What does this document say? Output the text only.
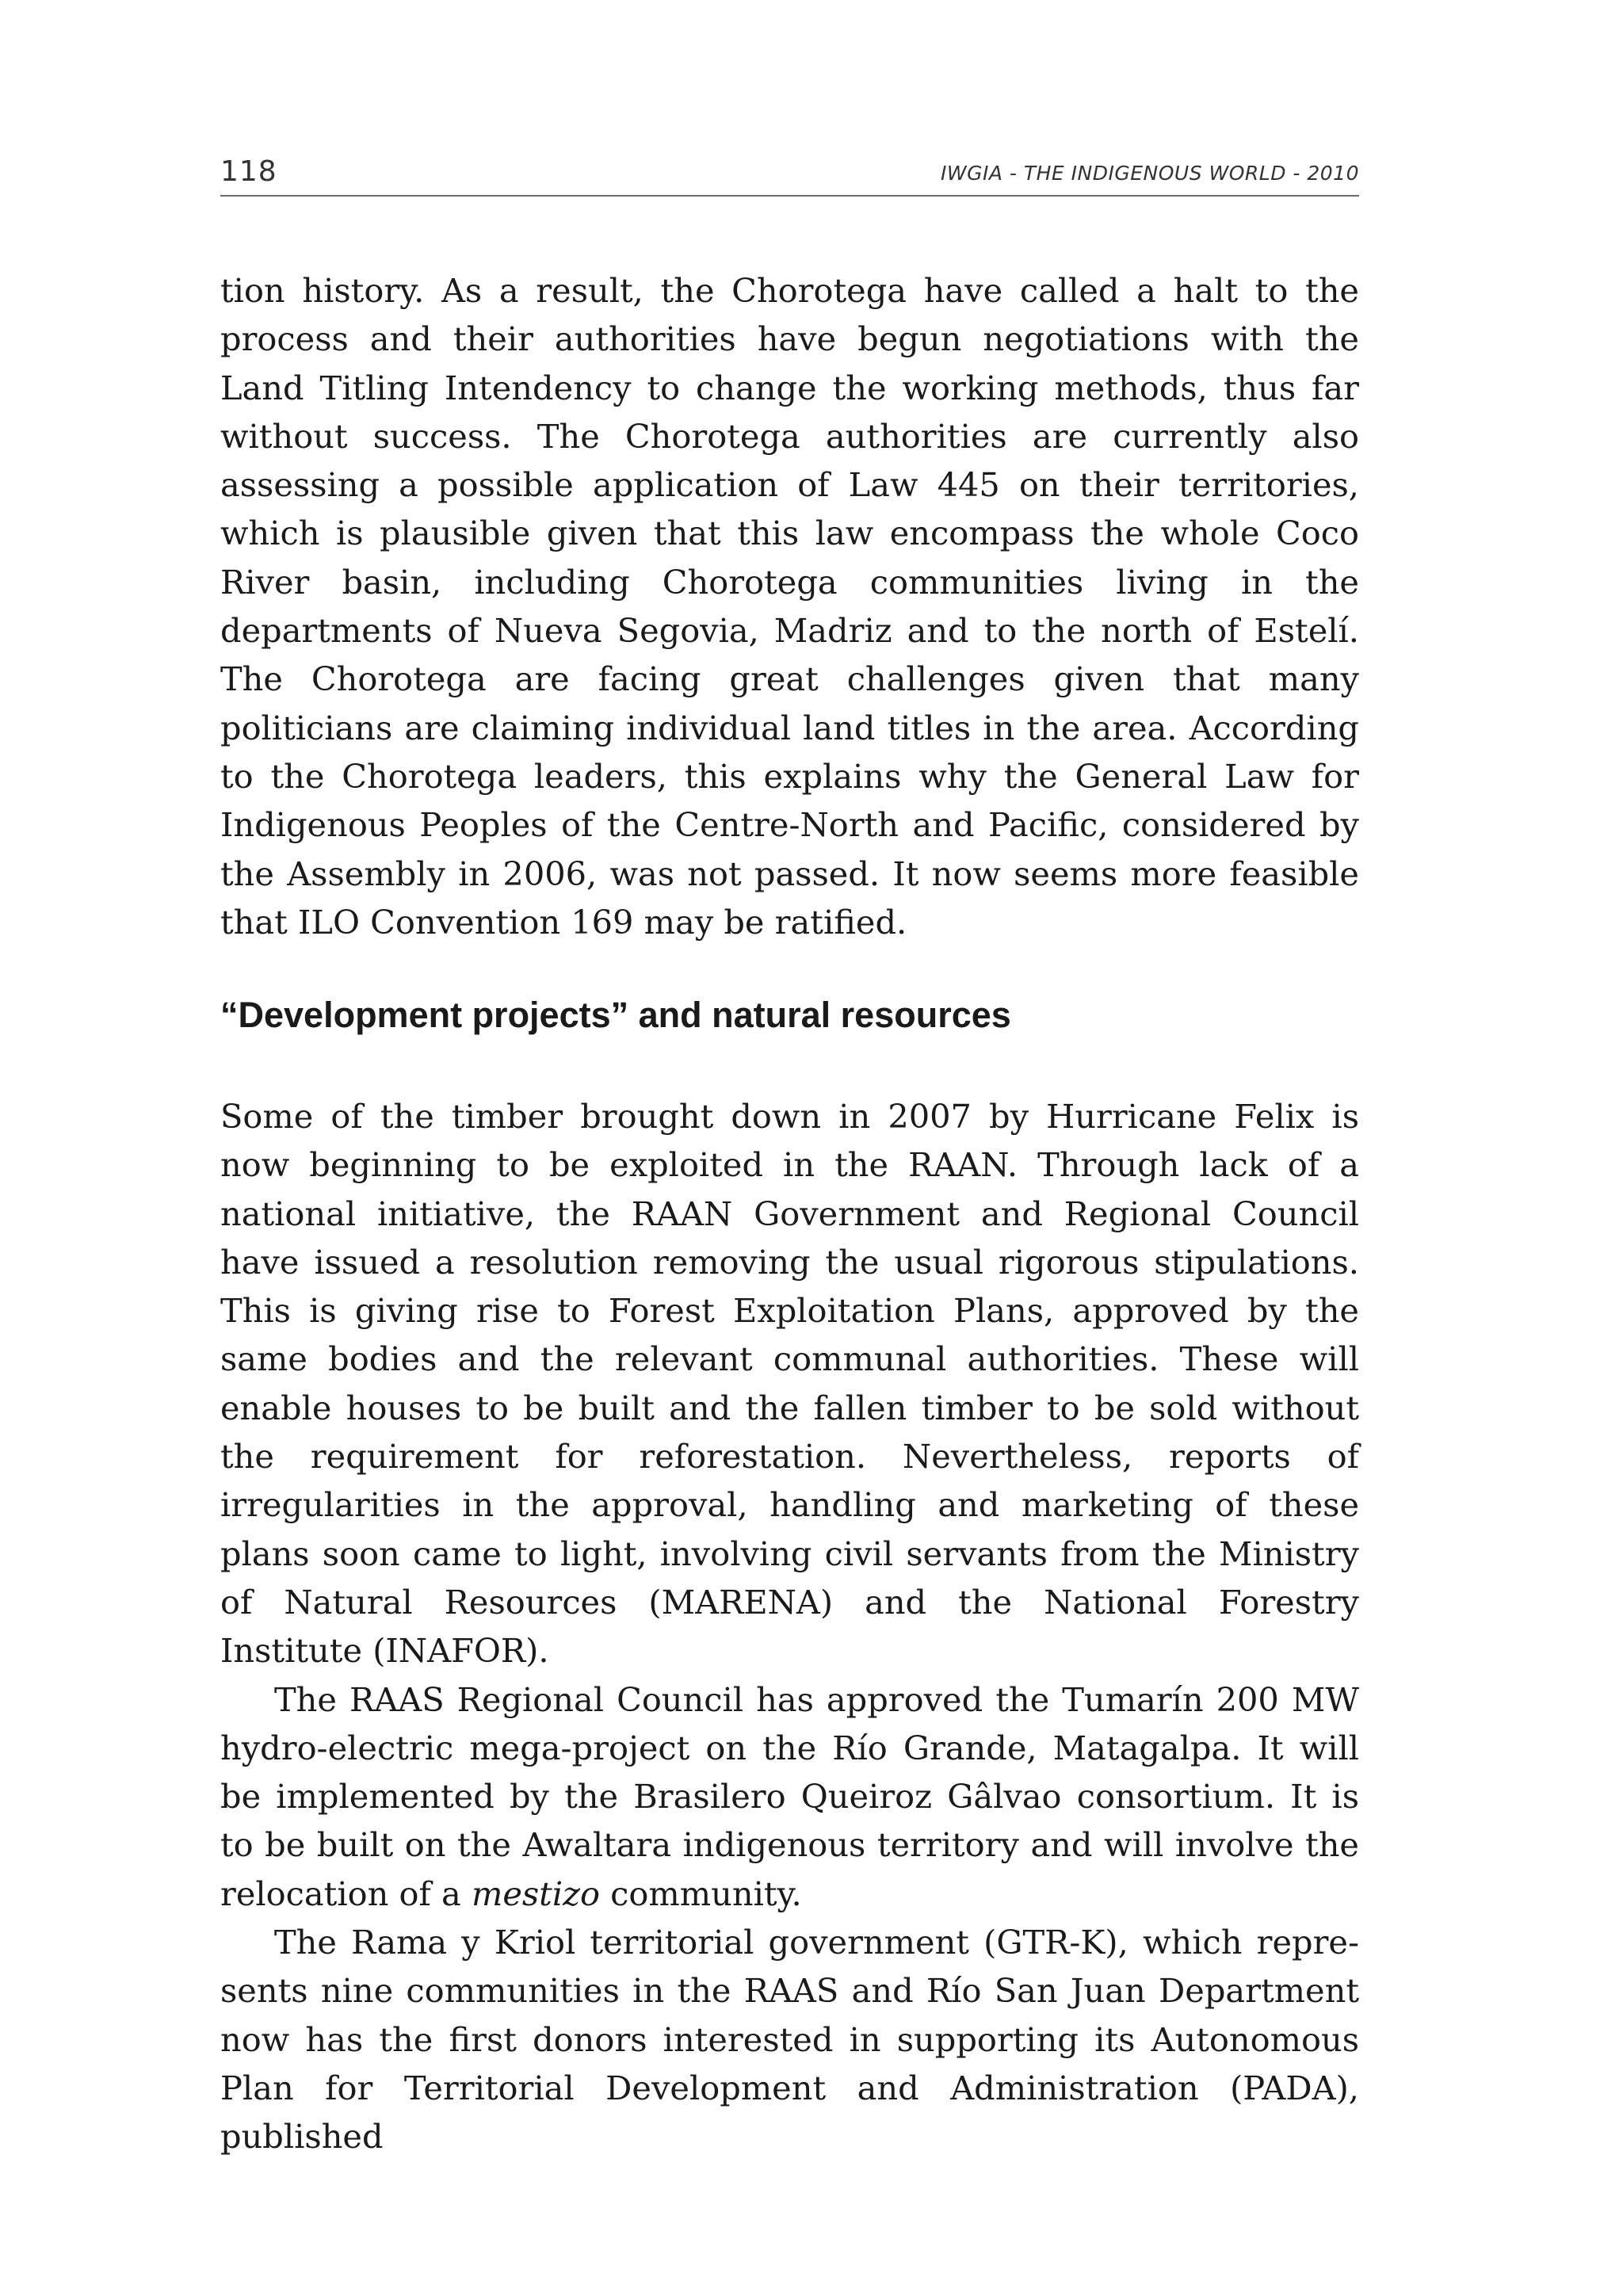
118	IWGIA - THE INDIGENOUS WORLD - 2010

tion history. As a result, the Chorotega have called a halt to the process and their authorities have begun negotiations with the Land Titling Intendency to change the working methods, thus far without success. The Chorotega authorities are currently also assessing a possible application of Law 445 on their territories, which is plausible given that this law encompass the whole Coco River basin, including Chorotega communities living in the departments of Nueva Segovia, Madriz and to the north of Estelí. The Chorotega are facing great challenges given that many politicians are claiming individual land titles in the area. According to the Chorotega leaders, this explains why the General Law for Indigenous Peoples of the Centre-North and Pacific, considered by the Assembly in 2006, was not passed. It now seems more feasible that ILO Convention 169 may be ratified.

“Development projects” and natural resources

Some of the timber brought down in 2007 by Hurricane Felix is now beginning to be exploited in the RAAN. Through lack of a national initiative, the RAAN Government and Regional Council have issued a resolution removing the usual rigorous stipulations. This is giving rise to Forest Exploitation Plans, approved by the same bodies and the relevant communal authorities. These will enable houses to be built and the fallen timber to be sold without the requirement for reforestation. Nevertheless, reports of irregularities in the approval, handling and marketing of these plans soon came to light, involving civil servants from the Ministry of Natural Resources (MARENA) and the National Forestry Institute (INAFOR).

The RAAS Regional Council has approved the Tumarín 200 MW hydro-electric mega-project on the Río Grande, Matagalpa. It will be implemented by the Brasilero Queiroz Gâlvao consortium. It is to be built on the Awaltara indigenous territory and will involve the relocation of a mestizo community.

The Rama y Kriol territorial government (GTR-K), which represents nine communities in the RAAS and Río San Juan Department now has the first donors interested in supporting its Autonomous Plan for Territorial Development and Administration (PADA), published
